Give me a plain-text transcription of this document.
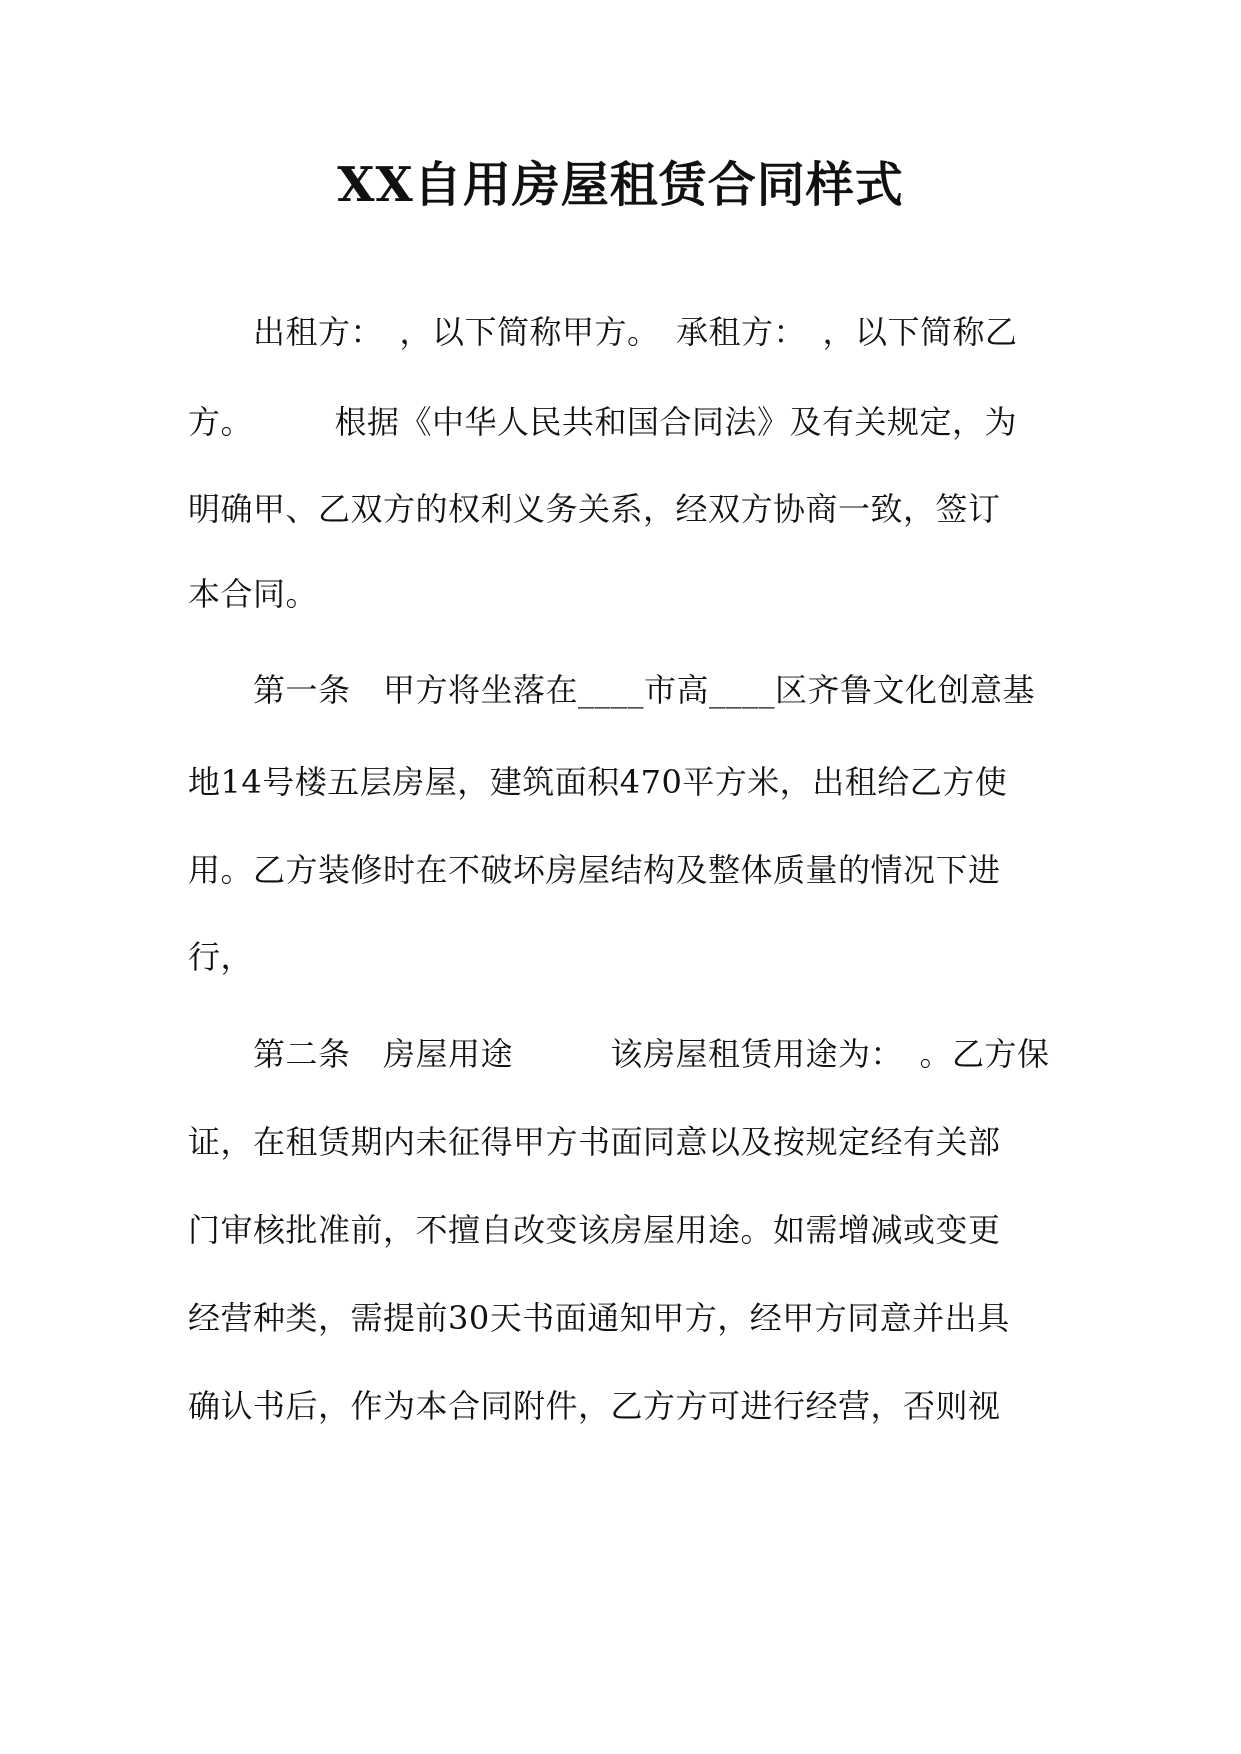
XX自用房屋租赁合同样式
　　出租方：　，以下简称甲方。　承租方：　，以下简称乙
方。　　　根据《中华人民共和国合同法》及有关规定，为
明确甲、乙双方的权利义务关系，经双方协商一致，签订
本合同。
　　第一条　甲方将坐落在____市高____区齐鲁文化创意基
地14号楼五层房屋，建筑面积470平方米，出租给乙方使
用。乙方装修时在不破坏房屋结构及整体质量的情况下进
行，
　　第二条　房屋用途　　　该房屋租赁用途为：　。乙方保
证，在租赁期内未征得甲方书面同意以及按规定经有关部
门审核批准前，不擅自改变该房屋用途。如需增减或变更
经营种类，需提前30天书面通知甲方，经甲方同意并出具
确认书后，作为本合同附件，乙方方可进行经营，否则视
